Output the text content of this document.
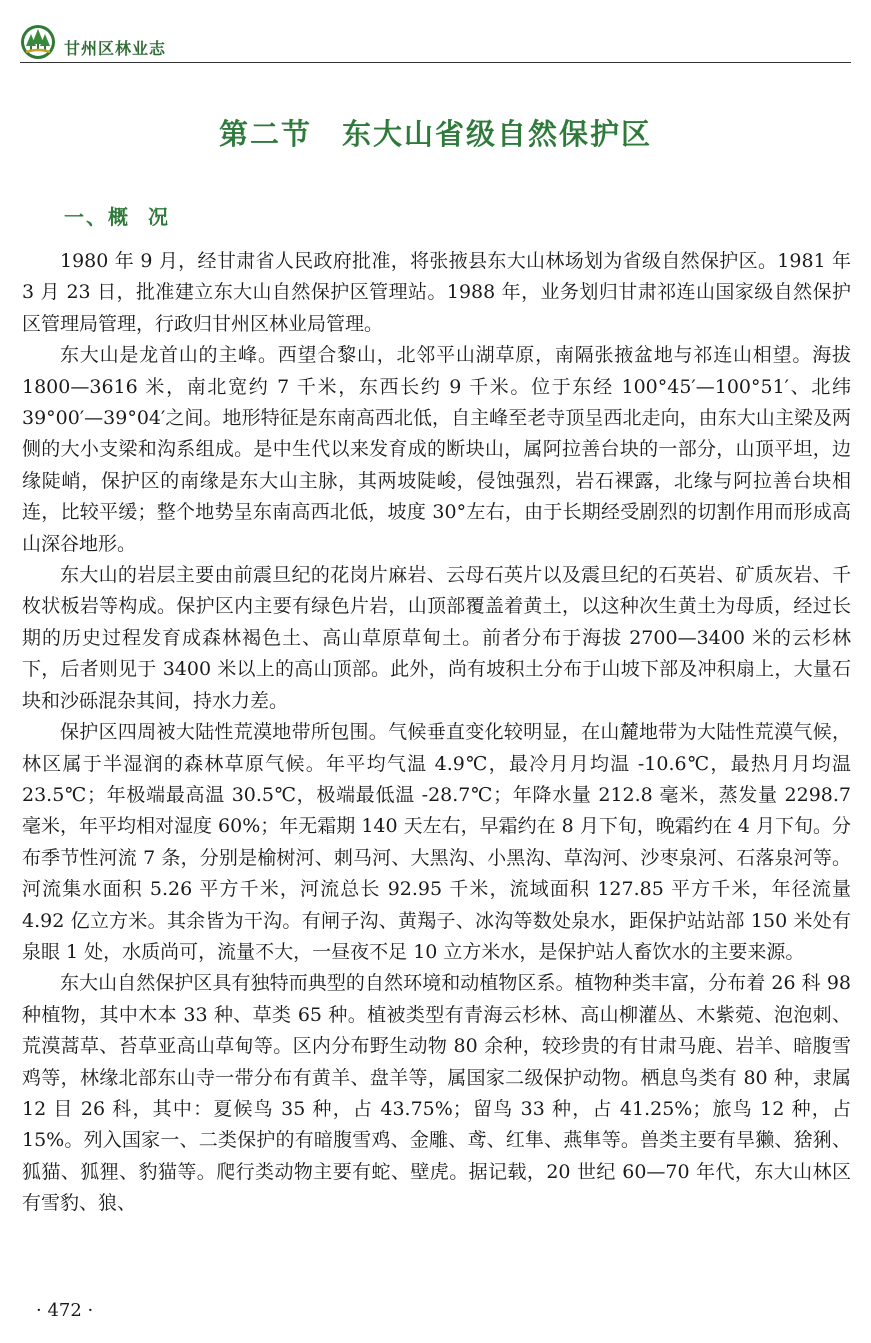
甘州区林业志
第二节 东大山省级自然保护区
一、概 况

1980 年 9 月，经甘肃省人民政府批准，将张掖县东大山林场划为省级自然保护区。1981 年 3 月 23 日，批准建立东大山自然保护区管理站。1988 年，业务划归甘肃祁连山国家级自然保护区管理局管理，行政归甘州区林业局管理。

东大山是龙首山的主峰。西望合黎山，北邻平山湖草原，南隔张掖盆地与祁连山相望。海拔 1800—3616 米，南北宽约 7 千米，东西长约 9 千米。位于东经 100°45′—100°51′、北纬 39°00′—39°04′之间。地形特征是东南高西北低，自主峰至老寺顶呈西北走向，由东大山主梁及两侧的大小支梁和沟系组成。是中生代以来发育成的断块山，属阿拉善台块的一部分，山顶平坦，边缘陡峭，保护区的南缘是东大山主脉，其两坡陡峻，侵蚀强烈，岩石裸露，北缘与阿拉善台块相连，比较平缓；整个地势呈东南高西北低，坡度 30°左右，由于长期经受剧烈的切割作用而形成高山深谷地形。

东大山的岩层主要由前震旦纪的花岗片麻岩、云母石英片以及震旦纪的石英岩、矿质灰岩、千枚状板岩等构成。保护区内主要有绿色片岩，山顶部覆盖着黄土，以这种次生黄土为母质，经过长期的历史过程发育成森林褐色土、高山草原草甸土。前者分布于海拔 2700—3400 米的云杉林下，后者则见于 3400 米以上的高山顶部。此外，尚有坡积土分布于山坡下部及冲积扇上，大量石块和沙砾混杂其间，持水力差。

保护区四周被大陆性荒漠地带所包围。气候垂直变化较明显，在山麓地带为大陆性荒漠气候，林区属于半湿润的森林草原气候。年平均气温 4.9℃，最冷月月均温 -10.6℃，最热月月均温 23.5℃；年极端最高温 30.5℃，极端最低温 -28.7℃；年降水量 212.8 毫米，蒸发量 2298.7 毫米，年平均相对湿度 60%；年无霜期 140 天左右，早霜约在 8 月下旬，晚霜约在 4 月下旬。分布季节性河流 7 条，分别是榆树河、刺马河、大黑沟、小黑沟、草沟河、沙枣泉河、石落泉河等。河流集水面积 5.26 平方千米，河流总长 92.95 千米，流域面积 127.85 平方千米，年径流量 4.92 亿立方米。其余皆为干沟。有闸子沟、黄羯子、冰沟等数处泉水，距保护站站部 150 米处有泉眼 1 处，水质尚可，流量不大，一昼夜不足 10 立方米水，是保护站人畜饮水的主要来源。

东大山自然保护区具有独特而典型的自然环境和动植物区系。植物种类丰富，分布着 26 科 98 种植物，其中木本 33 种、草类 65 种。植被类型有青海云杉林、高山柳灌丛、木紫菀、泡泡刺、荒漠蒿草、苔草亚高山草甸等。区内分布野生动物 80 余种，较珍贵的有甘肃马鹿、岩羊、暗腹雪鸡等，林缘北部东山寺一带分布有黄羊、盘羊等，属国家二级保护动物。栖息鸟类有 80 种，隶属 12 目 26 科，其中：夏候鸟 35 种，占 43.75%；留鸟 33 种，占 41.25%；旅鸟 12 种，占 15%。列入国家一、二类保护的有暗腹雪鸡、金雕、鸢、红隼、燕隼等。兽类主要有旱獭、猞猁、狐猫、狐狸、豹猫等。爬行类动物主要有蛇、壁虎。据记载，20 世纪 60—70 年代，东大山林区有雪豹、狼、

· 472 ·
